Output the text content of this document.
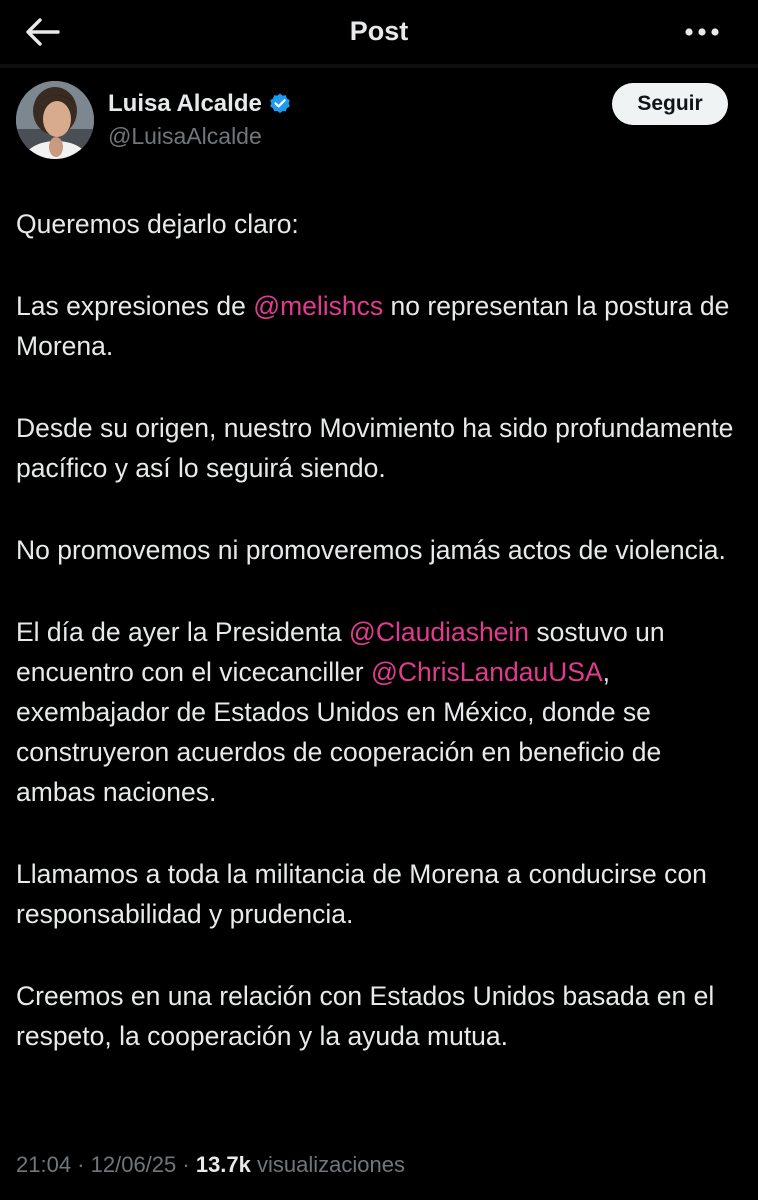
Post
Luisa Alcalde
@LuisaAlcalde
Seguir

Queremos dejarlo claro:

Las expresiones de @melishcs no representan la postura de Morena.

Desde su origen, nuestro Movimiento ha sido profundamente pacífico y así lo seguirá siendo.

No promovemos ni promoveremos jamás actos de violencia.

El día de ayer la Presidenta @Claudiashein sostuvo un encuentro con el vicecanciller @ChrisLandauUSA, exembajador de Estados Unidos en México, donde se construyeron acuerdos de cooperación en beneficio de ambas naciones.

Llamamos a toda la militancia de Morena a conducirse con responsabilidad y prudencia.

Creemos en una relación con Estados Unidos basada en el respeto, la cooperación y la ayuda mutua.

21:04 · 12/06/25 · 13.7k visualizaciones
